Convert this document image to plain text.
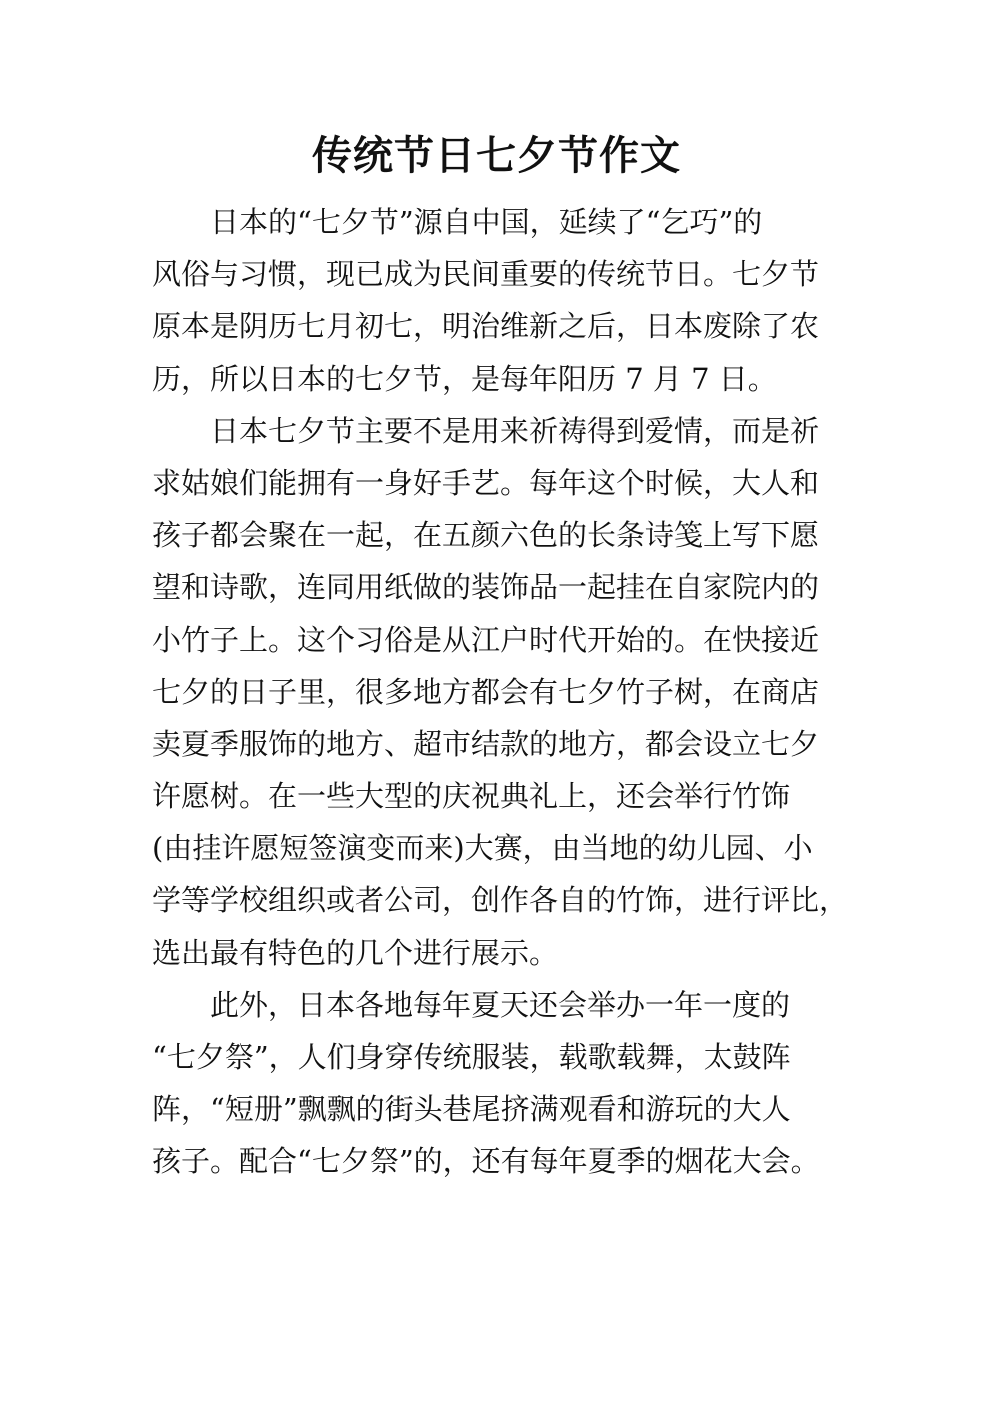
传统节日七夕节作文
日本的“七夕节”源自中国，延续了“乞巧”的
风俗与习惯，现已成为民间重要的传统节日。七夕节
原本是阴历七月初七，明治维新之后，日本废除了农
历，所以日本的七夕节，是每年阳历 7 月 7 日。
日本七夕节主要不是用来祈祷得到爱情，而是祈
求姑娘们能拥有一身好手艺。每年这个时候，大人和
孩子都会聚在一起，在五颜六色的长条诗笺上写下愿
望和诗歌，连同用纸做的装饰品一起挂在自家院内的
小竹子上。这个习俗是从江户时代开始的。在快接近
七夕的日子里，很多地方都会有七夕竹子树，在商店
卖夏季服饰的地方、超市结款的地方，都会设立七夕
许愿树。在一些大型的庆祝典礼上，还会举行竹饰
(由挂许愿短签演变而来)大赛，由当地的幼儿园、小
学等学校组织或者公司，创作各自的竹饰，进行评比，
选出最有特色的几个进行展示。
此外，日本各地每年夏天还会举办一年一度的
“七夕祭”，人们身穿传统服装，载歌载舞，太鼓阵
阵，“短册”飘飘的街头巷尾挤满观看和游玩的大人
孩子。配合“七夕祭”的，还有每年夏季的烟花大会。
